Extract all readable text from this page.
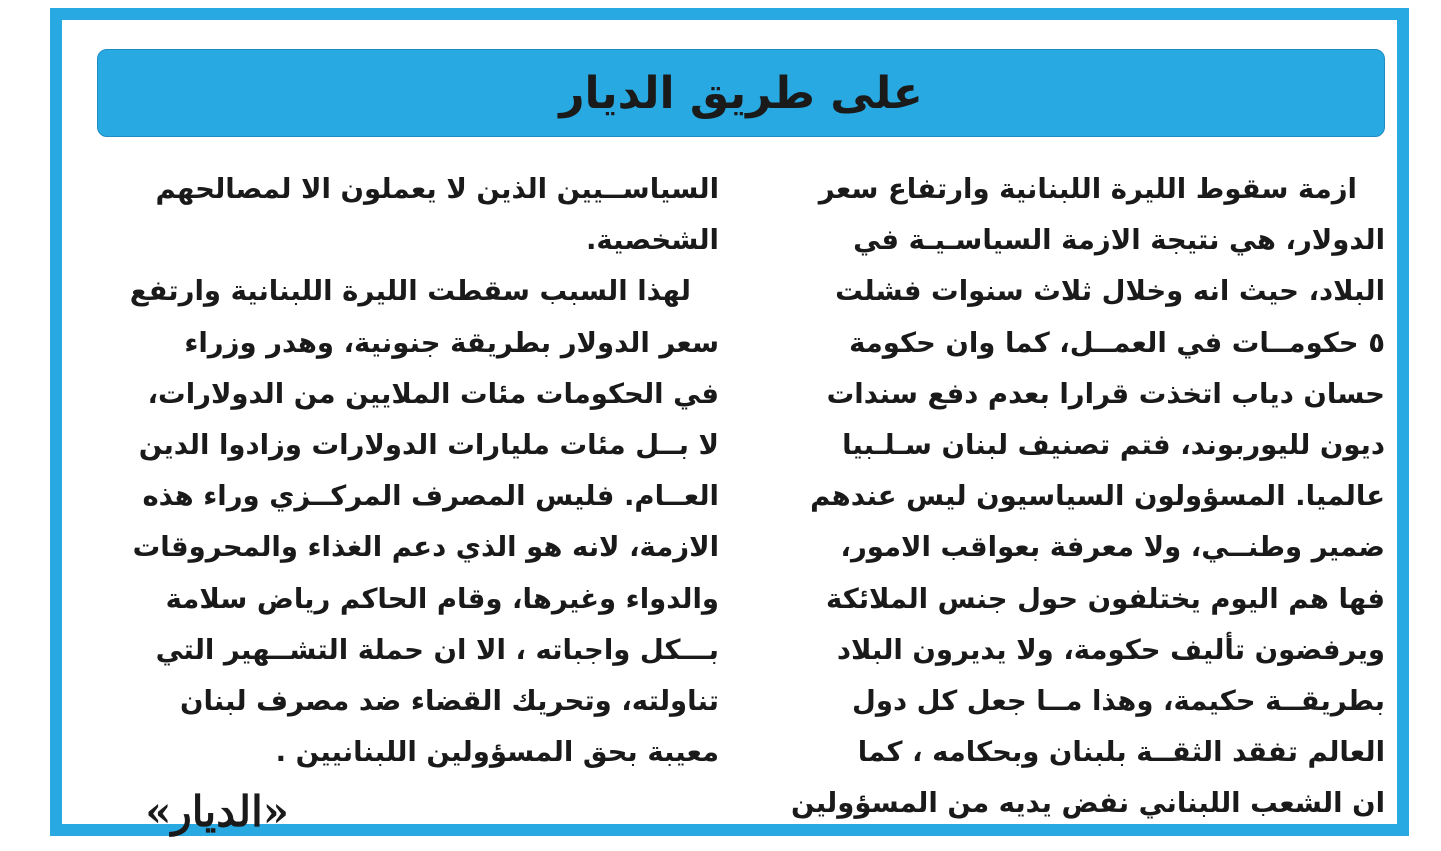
على طريق الديار
ازمة سقوط الليرة اللبنانية وارتفاع سعر
الدولار، هي نتيجة الازمة السياسـيـة في
البلاد، حيث انه وخلال ثلاث سنوات فشلت
٥ حكومــات في العمــل، كما وان حكومة
حسان دياب اتخذت قرارا بعدم دفع سندات
ديون لليوربوند، فتم تصنيف لبنان سـلـبيا
عالميا. المسؤولون السياسيون ليس عندهم
ضمير وطنــي، ولا معرفة بعواقب الامور،
فها هم اليوم يختلفون حول جنس الملائكة
ويرفضون تأليف حكومة، ولا يديرون البلاد
بطريقــة حكيمة، وهذا مــا جعل كل دول
العالم تفقد الثقــة بلبنان وبحكامه ، كما
ان الشعب اللبناني نفض يديه من المسؤولين
السياســيين الذين لا يعملون الا لمصالحهم
الشخصية.
لهذا السبب سقطت الليرة اللبنانية وارتفع
سعر الدولار بطريقة جنونية، وهدر وزراء
في الحكومات مئات الملايين من الدولارات،
لا بــل مئات مليارات الدولارات وزادوا الدين
العــام. فليس المصرف المركــزي وراء هذه
الازمة، لانه هو الذي دعم الغذاء والمحروقات
والدواء وغيرها، وقام الحاكم رياض سلامة
بـــكل واجباته ، الا ان حملة التشــهير التي
تناولته، وتحريك القضاء ضد مصرف لبنان
معيبة بحق المسؤولين اللبنانيين .
«الديار»
